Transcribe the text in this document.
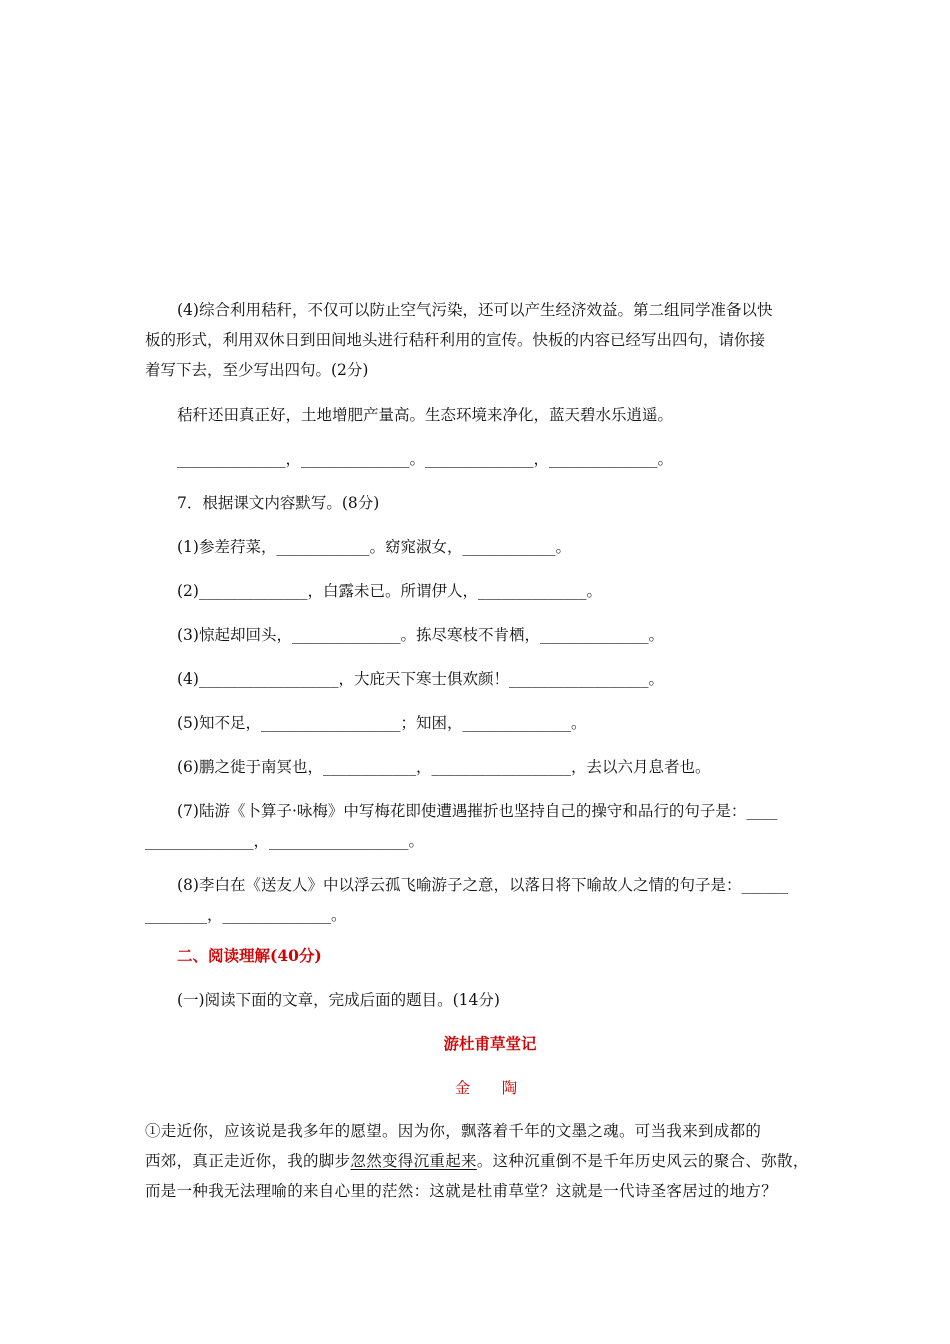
(4)综合利用秸秆，不仅可以防止空气污染，还可以产生经济效益。第二组同学准备以快
板的形式，利用双休日到田间地头进行秸秆利用的宣传。快板的内容已经写出四句，请你接
着写下去，至少写出四句。(2分)
秸秆还田真正好，土地增肥产量高。生态环境来净化，蓝天碧水乐逍遥。
______________，______________。______________，______________。
7．根据课文内容默写。(8分)
(1)参差荇菜，____________。窈窕淑女，____________。
(2)______________，白露未已。所谓伊人，______________。
(3)惊起却回头，______________。拣尽寒枝不肯栖，______________。
(4)__________________，大庇天下寒士俱欢颜！__________________。
(5)知不足，__________________；知困，______________。
(6)鹏之徙于南冥也，____________，__________________，去以六月息者也。
(7)陆游《卜算子·咏梅》中写梅花即使遭遇摧折也坚持自己的操守和品行的句子是：____
______________，__________________。
(8)李白在《送友人》中以浮云孤飞喻游子之意，以落日将下喻故人之情的句子是：______
________，______________。
二、阅读理解(40分)
(一)阅读下面的文章，完成后面的题目。(14分)
游杜甫草堂记
金　陶
①走近你，应该说是我多年的愿望。因为你，飘落着千年的文墨之魂。可当我来到成都的
西郊，真正走近你，我的脚步忽然变得沉重起来。这种沉重倒不是千年历史风云的聚合、弥散，
而是一种我无法理喻的来自心里的茫然：这就是杜甫草堂？这就是一代诗圣客居过的地方？
